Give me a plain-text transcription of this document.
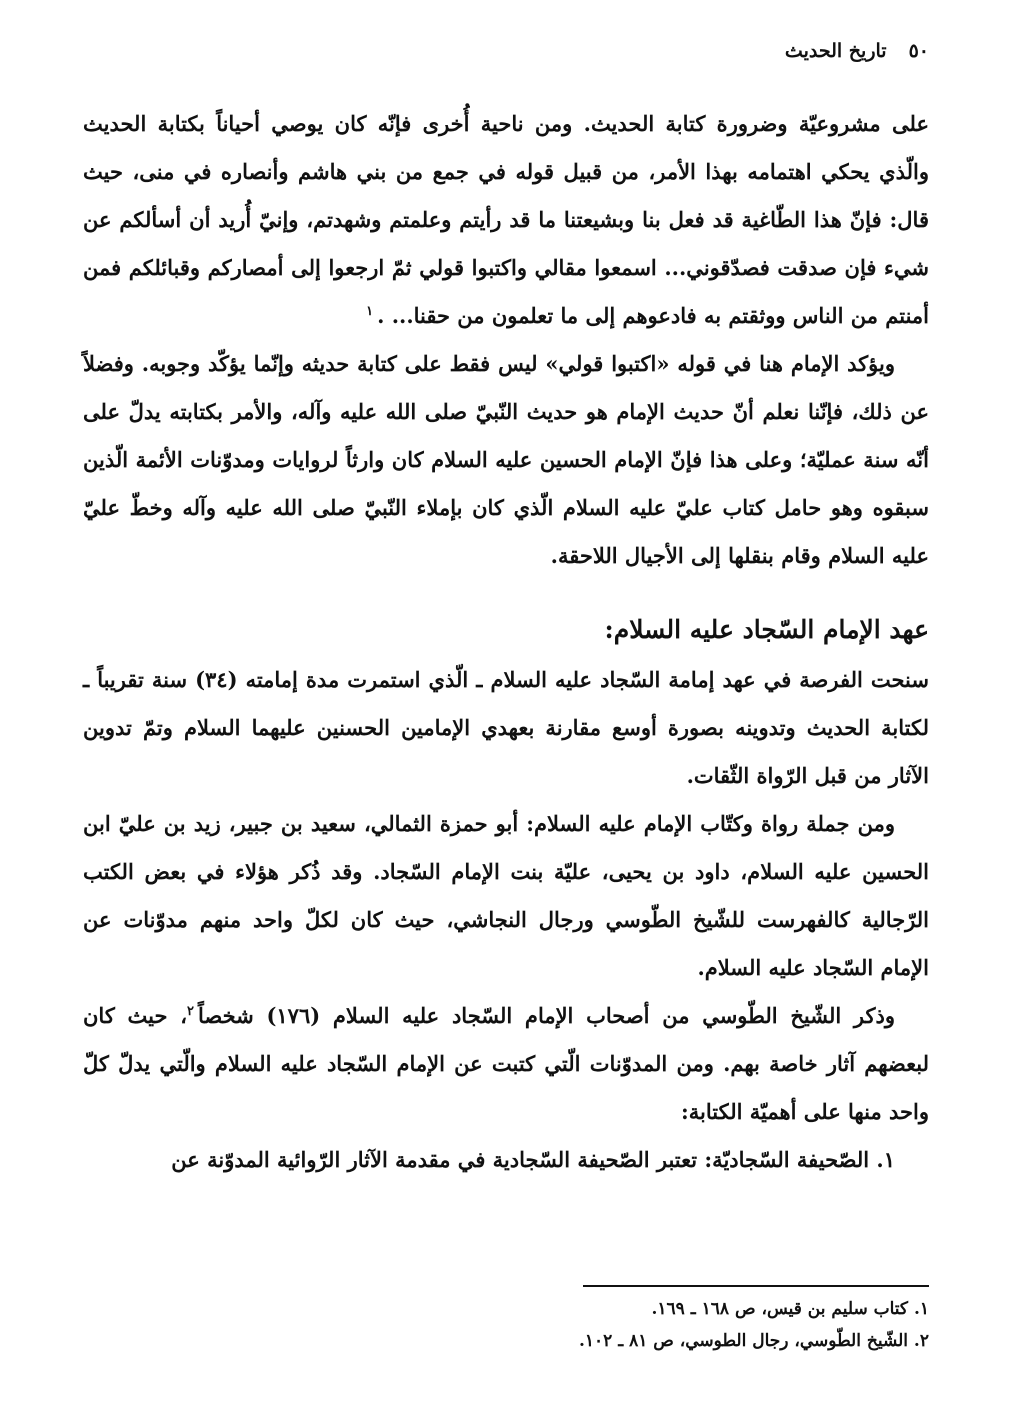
٥٠
تاريخ الحديث

على مشروعيّة وضرورة كتابة الحديث. ومن ناحية أُخرى فإنّه كان يوصي أحياناً بكتابة الحديث والّذي يحكي اهتمامه بهذا الأمر، من قبيل قوله في جمع من بني هاشم وأنصاره في منى، حيث قال: فإنّ هذا الطّاغية قد فعل بنا وبشيعتنا ما قد رأيتم وعلمتم وشهدتم، وإنيّ أُريد أن أسألكم عن شيء فإن صدقت فصدّقوني... اسمعوا مقالي واكتبوا قولي ثمّ ارجعوا إلى أمصاركم وقبائلكم فمن أمنتم من الناس ووثقتم به فادعوهم إلى ما تعلمون من حقنا... .$^١$

ويؤكد الإمام هنا في قوله «اكتبوا قولي» ليس فقط على كتابة حديثه وإنّما يؤكّد وجوبه. وفضلاً عن ذلك، فإنّنا نعلم أنّ حديث الإمام هو حديث النّبيّ صلى الله عليه وآله، والأمر بكتابته يدلّ على أنّه سنة عمليّة؛ وعلى هذا فإنّ الإمام الحسين عليه السلام كان وارثاً لروايات ومدوّنات الأئمة الّذين سبقوه وهو حامل كتاب عليّ عليه السلام الّذي كان بإملاء النّبيّ صلى الله عليه وآله وخطّ عليّ عليه السلام وقام بنقلها إلى الأجيال اللاحقة.

عهد الإمام السّجاد عليه السلام:

سنحت الفرصة في عهد إمامة السّجاد عليه السلام ـ الّذي استمرت مدة إمامته (٣٤) سنة تقريباً ـ لكتابة الحديث وتدوينه بصورة أوسع مقارنة بعهدي الإمامين الحسنين عليهما السلام وتمّ تدوين الآثار من قبل الرّواة الثّقات.

ومن جملة رواة وكتّاب الإمام عليه السلام: أبو حمزة الثمالي، سعيد بن جبير، زيد بن عليّ ابن الحسين عليه السلام، داود بن يحيى، عليّة بنت الإمام السّجاد. وقد ذُكر هؤلاء في بعض الكتب الرّجالية كالفهرست للشّيخ الطّوسي ورجال النجاشي، حيث كان لكلّ واحد منهم مدوّنات عن الإمام السّجاد عليه السلام.

وذكر الشّيخ الطّوسي من أصحاب الإمام السّجاد عليه السلام (١٧٦) شخصاً$^٢$، حيث كان لبعضهم آثار خاصة بهم. ومن المدوّنات الّتي كتبت عن الإمام السّجاد عليه السلام والّتي يدلّ كلّ واحد منها على أهميّة الكتابة:

١. الصّحيفة السّجاديّة: تعتبر الصّحيفة السّجادية في مقدمة الآثار الرّوائية المدوّنة عن

١. كتاب سليم بن قيس، ص ١٦٨ ـ ١٦٩.
٢. الشّيخ الطّوسي، رجال الطوسي، ص ٨١ ـ ١٠٢.
